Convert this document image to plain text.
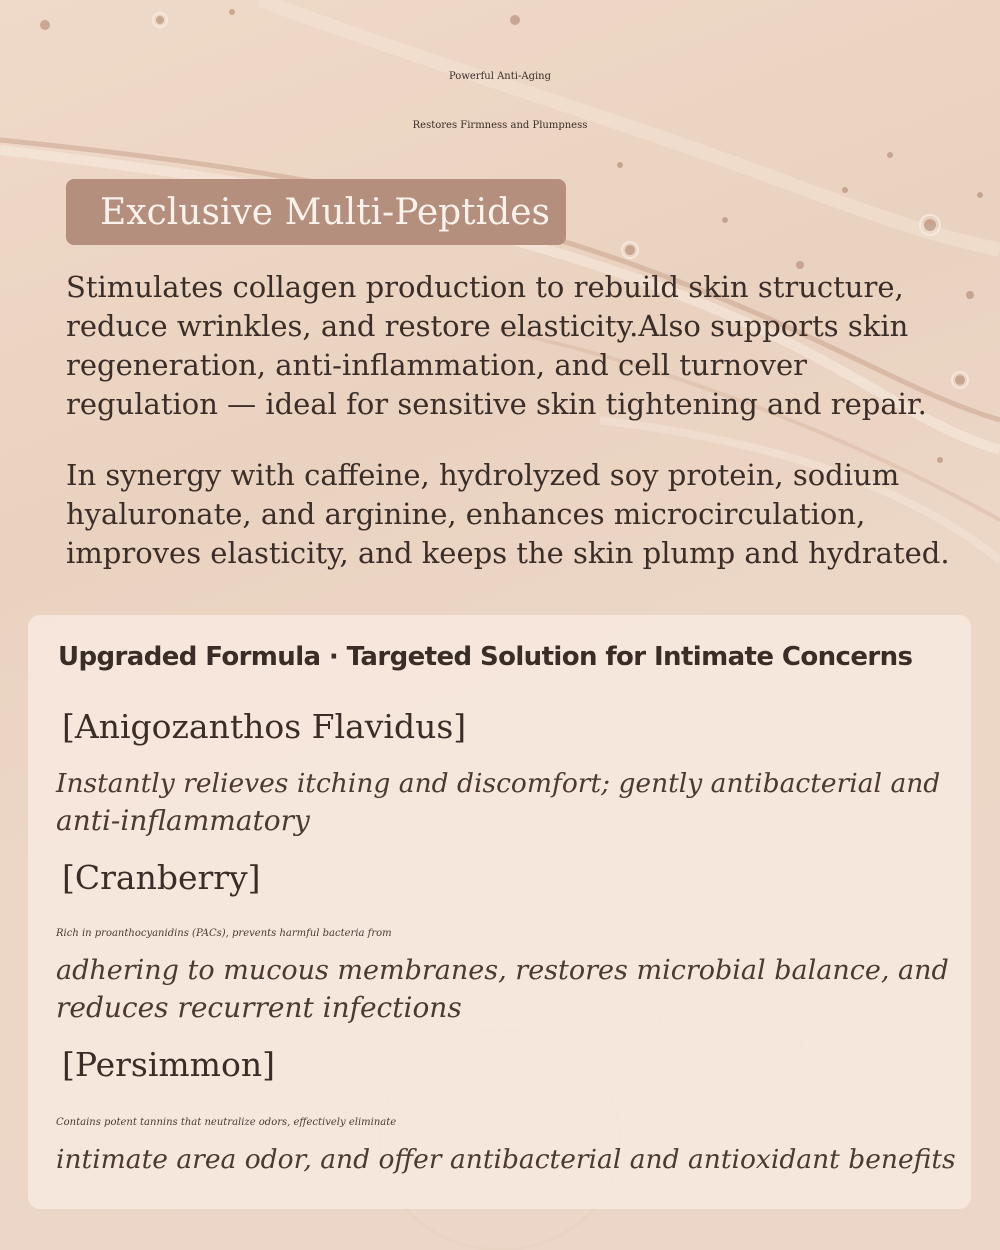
Powerful Anti-Aging
Restores Firmness and Plumpness
Exclusive Multi-Peptides
Stimulates collagen production to rebuild skin structure,
reduce wrinkles, and restore elasticity.Also supports skin
regeneration, anti-inflammation, and cell turnover
regulation — ideal for sensitive skin tightening and repair.
In synergy with caffeine, hydrolyzed soy protein, sodium
hyaluronate, and arginine, enhances microcirculation,
improves elasticity, and keeps the skin plump and hydrated.
Upgraded Formula · Targeted Solution for Intimate Concerns
[Anigozanthos Flavidus]
Instantly relieves itching and discomfort; gently antibacterial and
anti-inflammatory
[Cranberry]
Rich in proanthocyanidins (PACs), prevents harmful bacteria from
adhering to mucous membranes, restores microbial balance, and
reduces recurrent infections
[Persimmon]
Contains potent tannins that neutralize odors, effectively eliminate
intimate area odor, and offer antibacterial and antioxidant benefits
